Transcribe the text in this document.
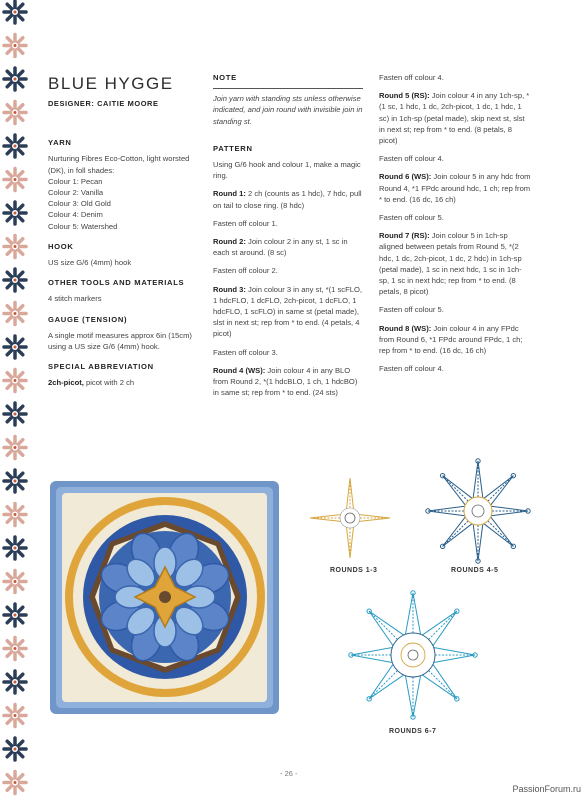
BLUE HYGGE
DESIGNER: CAITIE MOORE
YARN
Nurturing Fibres Eco-Cotton, light worsted (DK), in foll shades:
Colour 1: Pecan
Colour 2: Vanilla
Colour 3: Old Gold
Colour 4: Denim
Colour 5: Watershed
HOOK
US size G/6 (4mm) hook
OTHER TOOLS AND MATERIALS
4 stitch markers
GAUGE (TENSION)
A single motif measures approx 6in (15cm) using a US size G/6 (4mm) hook.
SPECIAL ABBREVIATION
2ch-picot, picot with 2 ch
NOTE
Join yarn with standing sts unless otherwise indicated, and join round with invisible join in standing st.
PATTERN

Using G/6 hook and colour 1, make a magic ring.

Round 1: 2 ch (counts as 1 hdc), 7 hdc, pull on tail to close ring. (8 hdc)

Fasten off colour 1.

Round 2: Join colour 2 in any st, 1 sc in each st around. (8 sc)

Fasten off colour 2.

Round 3: Join colour 3 in any st, *(1 scFLO, 1 hdcFLO, 1 dcFLO, 2ch-picot, 1 dcFLO, 1 hdcFLO, 1 scFLO) in same st (petal made), slst in next st; rep from * to end. (4 petals, 4 picot)

Fasten off colour 3.

Round 4 (WS): Join colour 4 in any BLO from Round 2, *(1 hdcBLO, 1 ch, 1 hdcBO) in same st; rep from * to end. (24 sts)

Fasten off colour 4.

Round 5 (RS): Join colour 4 in any 1ch-sp, *(1 sc, 1 hdc, 1 dc, 2ch-picot, 1 dc, 1 hdc, 1 sc) in 1ch-sp (petal made), skip next st, slst in next st; rep from * to end. (8 petals, 8 picot)

Fasten off colour 4.

Round 6 (WS): Join colour 5 in any hdc from Round 4, *1 FPdc around hdc, 1 ch; rep from * to end. (16 dc, 16 ch)

Fasten off colour 5.

Round 7 (RS): Join colour 5 in 1ch-sp aligned between petals from Round 5, *(2 hdc, 1 dc, 2ch-picot, 1 dc, 2 hdc) in 1ch-sp (petal made), 1 sc in next hdc, 1 sc in 1ch-sp, 1 sc in next hdc; rep from * to end. (8 petals, 8 picot)

Fasten off colour 5.

Round 8 (WS): Join colour 4 in any FPdc from Round 6, *1 FPdc around FPdc, 1 ch; rep from * to end. (16 dc, 16 ch)

Fasten off colour 4.

ROUNDS 1-3	ROUNDS 4-5
ROUNDS 6-7
- 26 -
PassionForum.ru
